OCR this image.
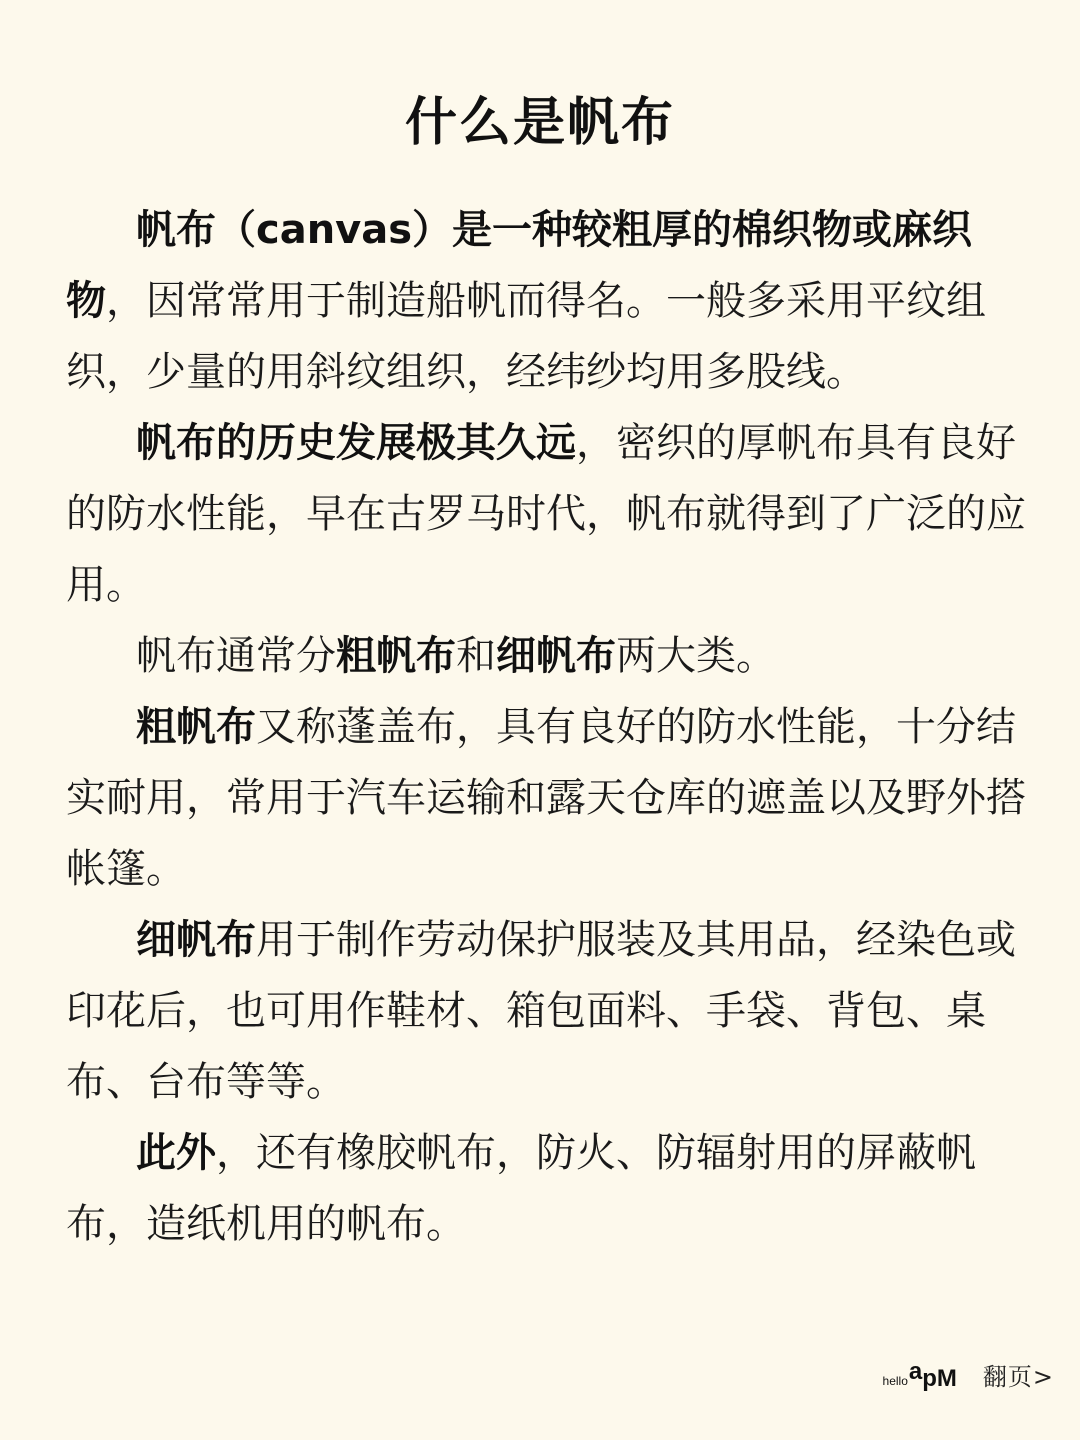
什么是帆布

帆布（canvas）是一种较粗厚的棉织物或麻织物，因常常用于制造船帆而得名。一般多采用平纹组织，少量的用斜纹组织，经纬纱均用多股线。

帆布的历史发展极其久远，密织的厚帆布具有良好的防水性能，早在古罗马时代，帆布就得到了广泛的应用。

帆布通常分粗帆布和细帆布两大类。

粗帆布又称蓬盖布，具有良好的防水性能，十分结实耐用，常用于汽车运输和露天仓库的遮盖以及野外搭帐篷。

细帆布用于制作劳动保护服装及其用品，经染色或印花后，也可用作鞋材、箱包面料、手袋、背包、桌布、台布等等。

此外，还有橡胶帆布，防火、防辐射用的屏蔽帆布，造纸机用的帆布。

hello a pM 翻页>
